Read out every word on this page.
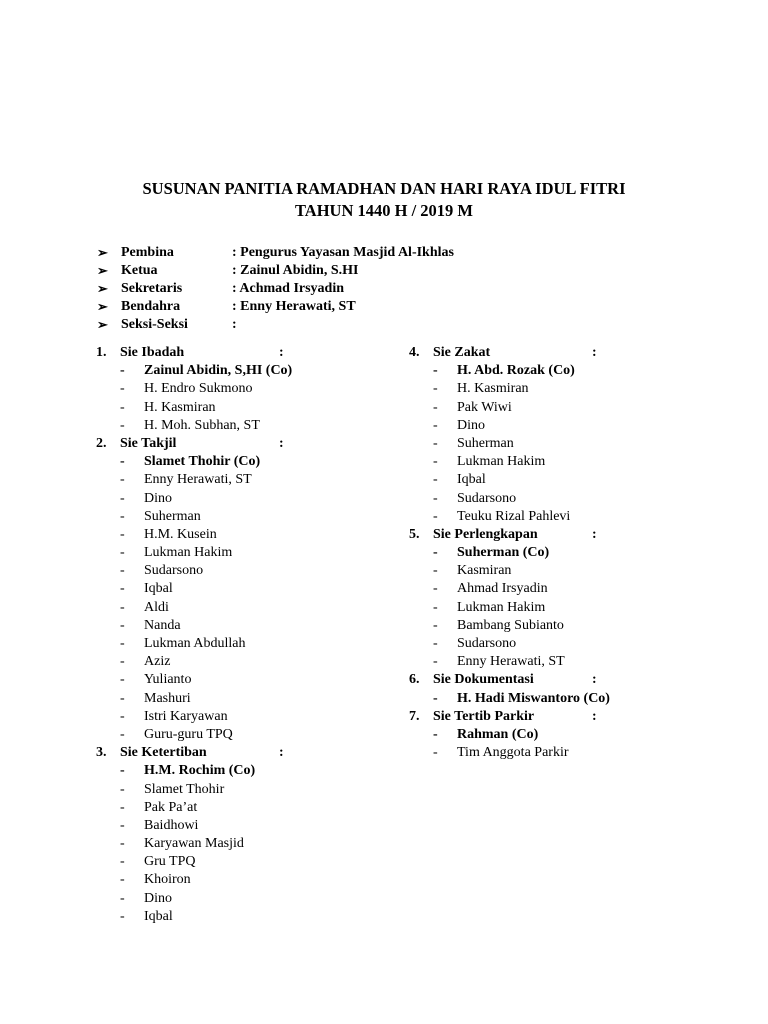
SUSUNAN PANITIA RAMADHAN DAN HARI RAYA IDUL FITRI
TAHUN 1440 H / 2019 M
➢ Pembina	: Pengurus Yayasan Masjid Al-Ikhlas
➢ Ketua	: Zainul Abidin, S.HI
➢ Sekretaris	: Achmad Irsyadin
➢ Bendahra	: Enny Herawati, ST
➢ Seksi-Seksi	:
1. Sie Ibadah	:
- Zainul Abidin, S,HI (Co)
- H. Endro Sukmono
- H. Kasmiran
- H. Moh. Subhan, ST
2. Sie Takjil	:
- Slamet Thohir (Co)
- Enny Herawati, ST
- Dino
- Suherman
- H.M. Kusein
- Lukman Hakim
- Sudarsono
- Iqbal
- Aldi
- Nanda
- Lukman Abdullah
- Aziz
- Yulianto
- Mashuri
- Istri Karyawan
- Guru-guru TPQ
3. Sie Ketertiban	:
- H.M. Rochim (Co)
- Slamet Thohir
- Pak Pa’at
- Baidhowi
- Karyawan Masjid
- Gru TPQ
- Khoiron
- Dino
- Iqbal
4. Sie Zakat	:
- H. Abd. Rozak (Co)
- H. Kasmiran
- Pak Wiwi
- Dino
- Suherman
- Lukman Hakim
- Iqbal
- Sudarsono
- Teuku Rizal Pahlevi
5. Sie Perlengkapan	:
- Suherman (Co)
- Kasmiran
- Ahmad Irsyadin
- Lukman Hakim
- Bambang Subianto
- Sudarsono
- Enny Herawati, ST
6. Sie Dokumentasi	:
- H. Hadi Miswantoro (Co)
7. Sie Tertib Parkir	:
- Rahman (Co)
- Tim Anggota Parkir
